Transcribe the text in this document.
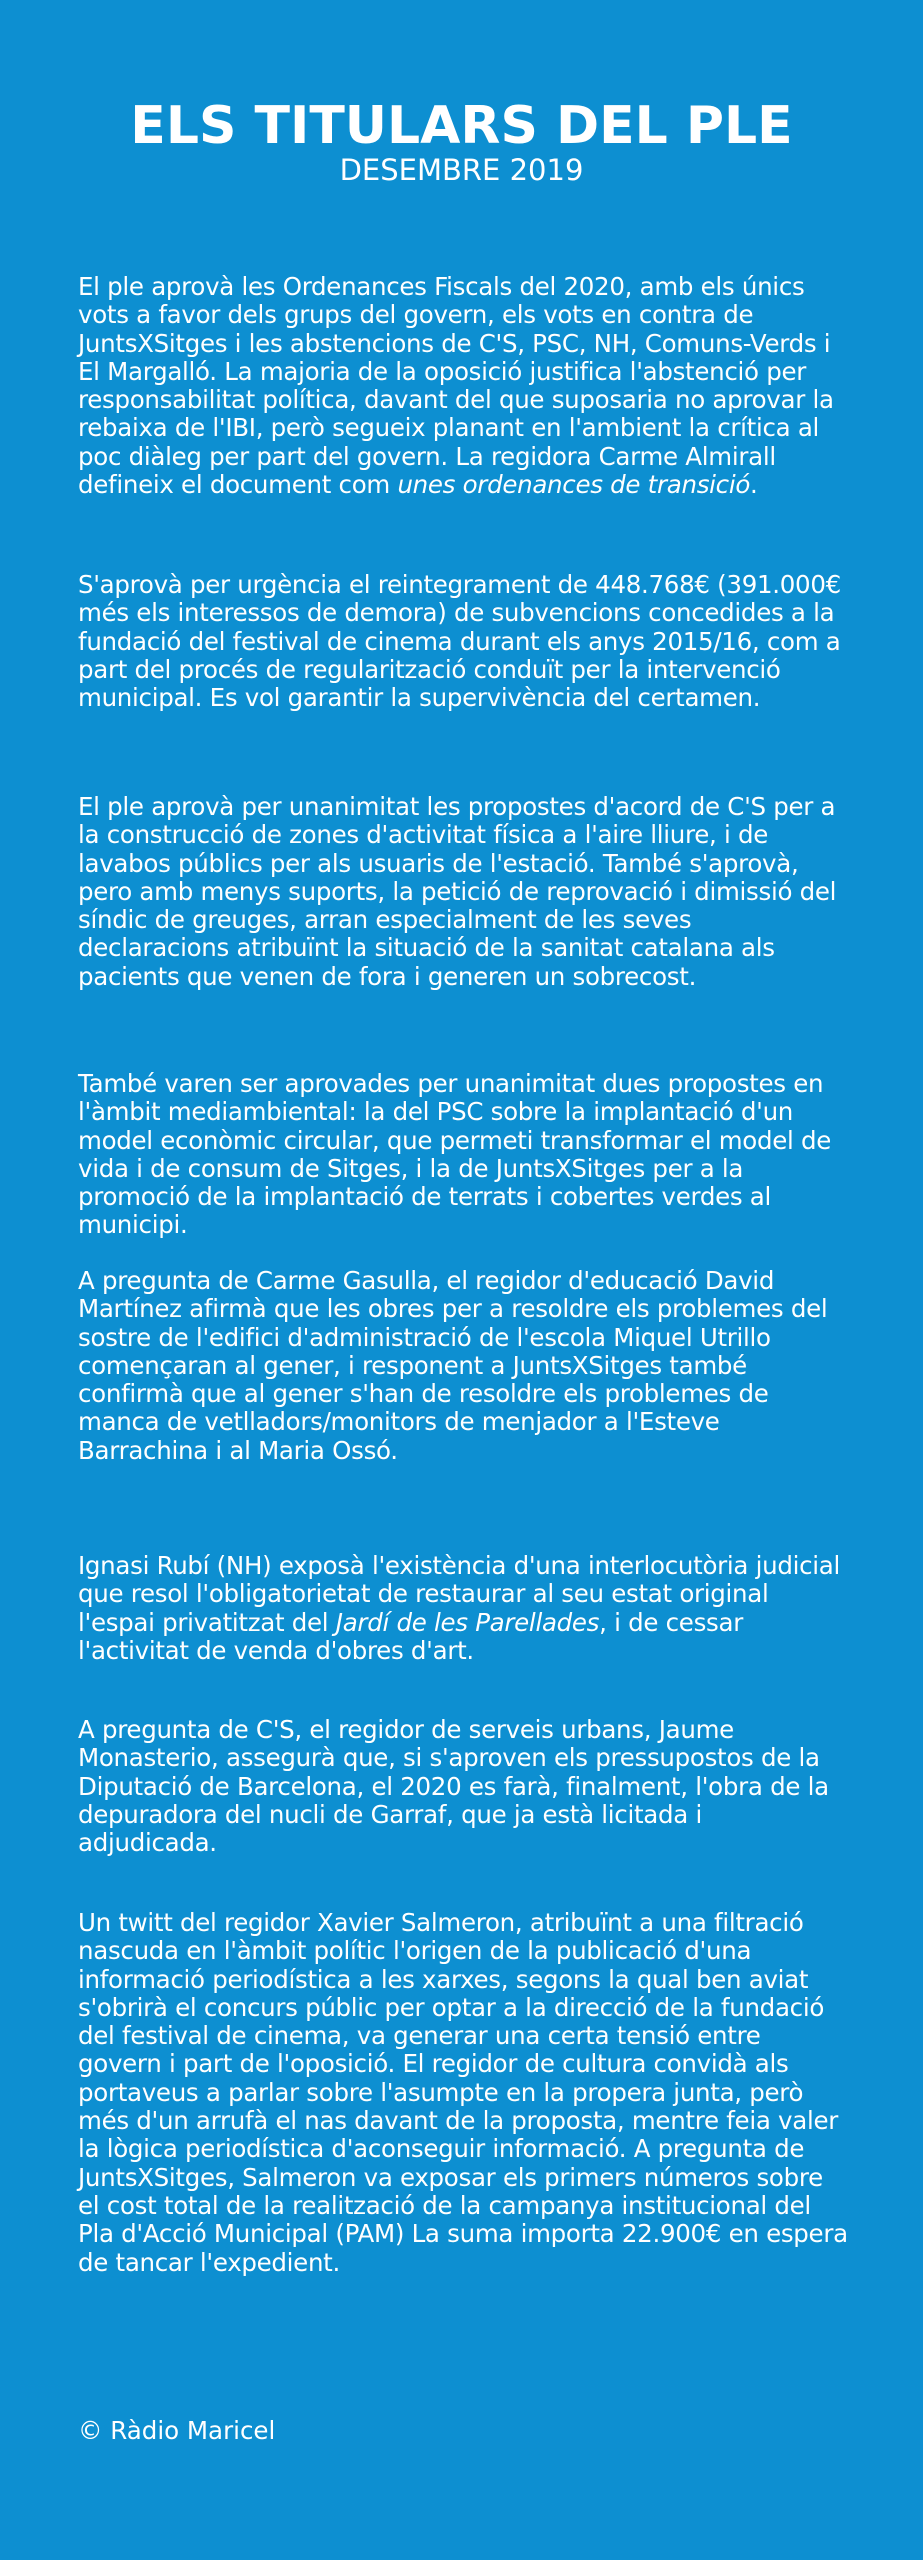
ELS TITULARS DEL PLE
DESEMBRE 2019

El ple aprovà les Ordenances Fiscals del 2020, amb els únics vots a favor dels grups del govern, els vots en contra de JuntsXSitges i les abstencions de C'S, PSC, NH, Comuns-Verds i El Margalló. La majoria de la oposició justifica l'abstenció per responsabilitat política, davant del que suposaria no aprovar la rebaixa de l'IBI, però segueix planant en l'ambient la crítica al poc diàleg per part del govern. La regidora Carme Almirall defineix el document com unes ordenances de transició.

S'aprovà per urgència el reintegrament de 448.768€ (391.000€ més els interessos de demora) de subvencions concedides a la fundació del festival de cinema durant els anys 2015/16, com a part del procés de regularització conduït per la intervenció municipal. Es vol garantir la supervivència del certamen.

El ple aprovà per unanimitat les propostes d'acord de C'S per a la construcció de zones d'activitat física a l'aire lliure, i de lavabos públics per als usuaris de l'estació. També s'aprovà, pero amb menys suports, la petició de reprovació i dimissió del síndic de greuges, arran especialment de les seves declaracions atribuïnt la situació de la sanitat catalana als pacients que venen de fora i generen un sobrecost.

També varen ser aprovades per unanimitat dues propostes en l'àmbit mediambiental: la del PSC sobre la implantació d'un model econòmic circular, que permeti transformar el model de vida i de consum de Sitges, i la de JuntsXSitges per a la promoció de la implantació de terrats i cobertes verdes al municipi.

A pregunta de Carme Gasulla, el regidor d'educació David Martínez afirmà que les obres per a resoldre els problemes del sostre de l'edifici d'administració de l'escola Miquel Utrillo començaran al gener, i responent a JuntsXSitges també confirmà que al gener s'han de resoldre els problemes de manca de vetlladors/monitors de menjador a l'Esteve Barrachina i al Maria Ossó.

Ignasi Rubí (NH) exposà l'existència d'una interlocutòria judicial que resol l'obligatorietat de restaurar al seu estat original l'espai privatitzat del Jardí de les Parellades, i de cessar l'activitat de venda d'obres d'art.

A pregunta de C'S, el regidor de serveis urbans, Jaume Monasterio, assegurà que, si s'aproven els pressupostos de la Diputació de Barcelona, el 2020 es farà, finalment, l'obra de la depuradora del nucli de Garraf, que ja està licitada i adjudicada.

Un twitt del regidor Xavier Salmeron, atribuïnt a una filtració nascuda en l'àmbit polític l'origen de la publicació d'una informació periodística a les xarxes, segons la qual ben aviat s'obrirà el concurs públic per optar a la direcció de la fundació del festival de cinema, va generar una certa tensió entre govern i part de l'oposició. El regidor de cultura convidà als portaveus a parlar sobre l'asumpte en la propera junta, però més d'un arrufà el nas davant de la proposta, mentre feia valer la lògica periodística d'aconseguir informació. A pregunta de JuntsXSitges, Salmeron va exposar els primers números sobre el cost total de la realització de la campanya institucional del Pla d'Acció Municipal (PAM) La suma importa 22.900€ en espera de tancar l'expedient.

© Ràdio Maricel
